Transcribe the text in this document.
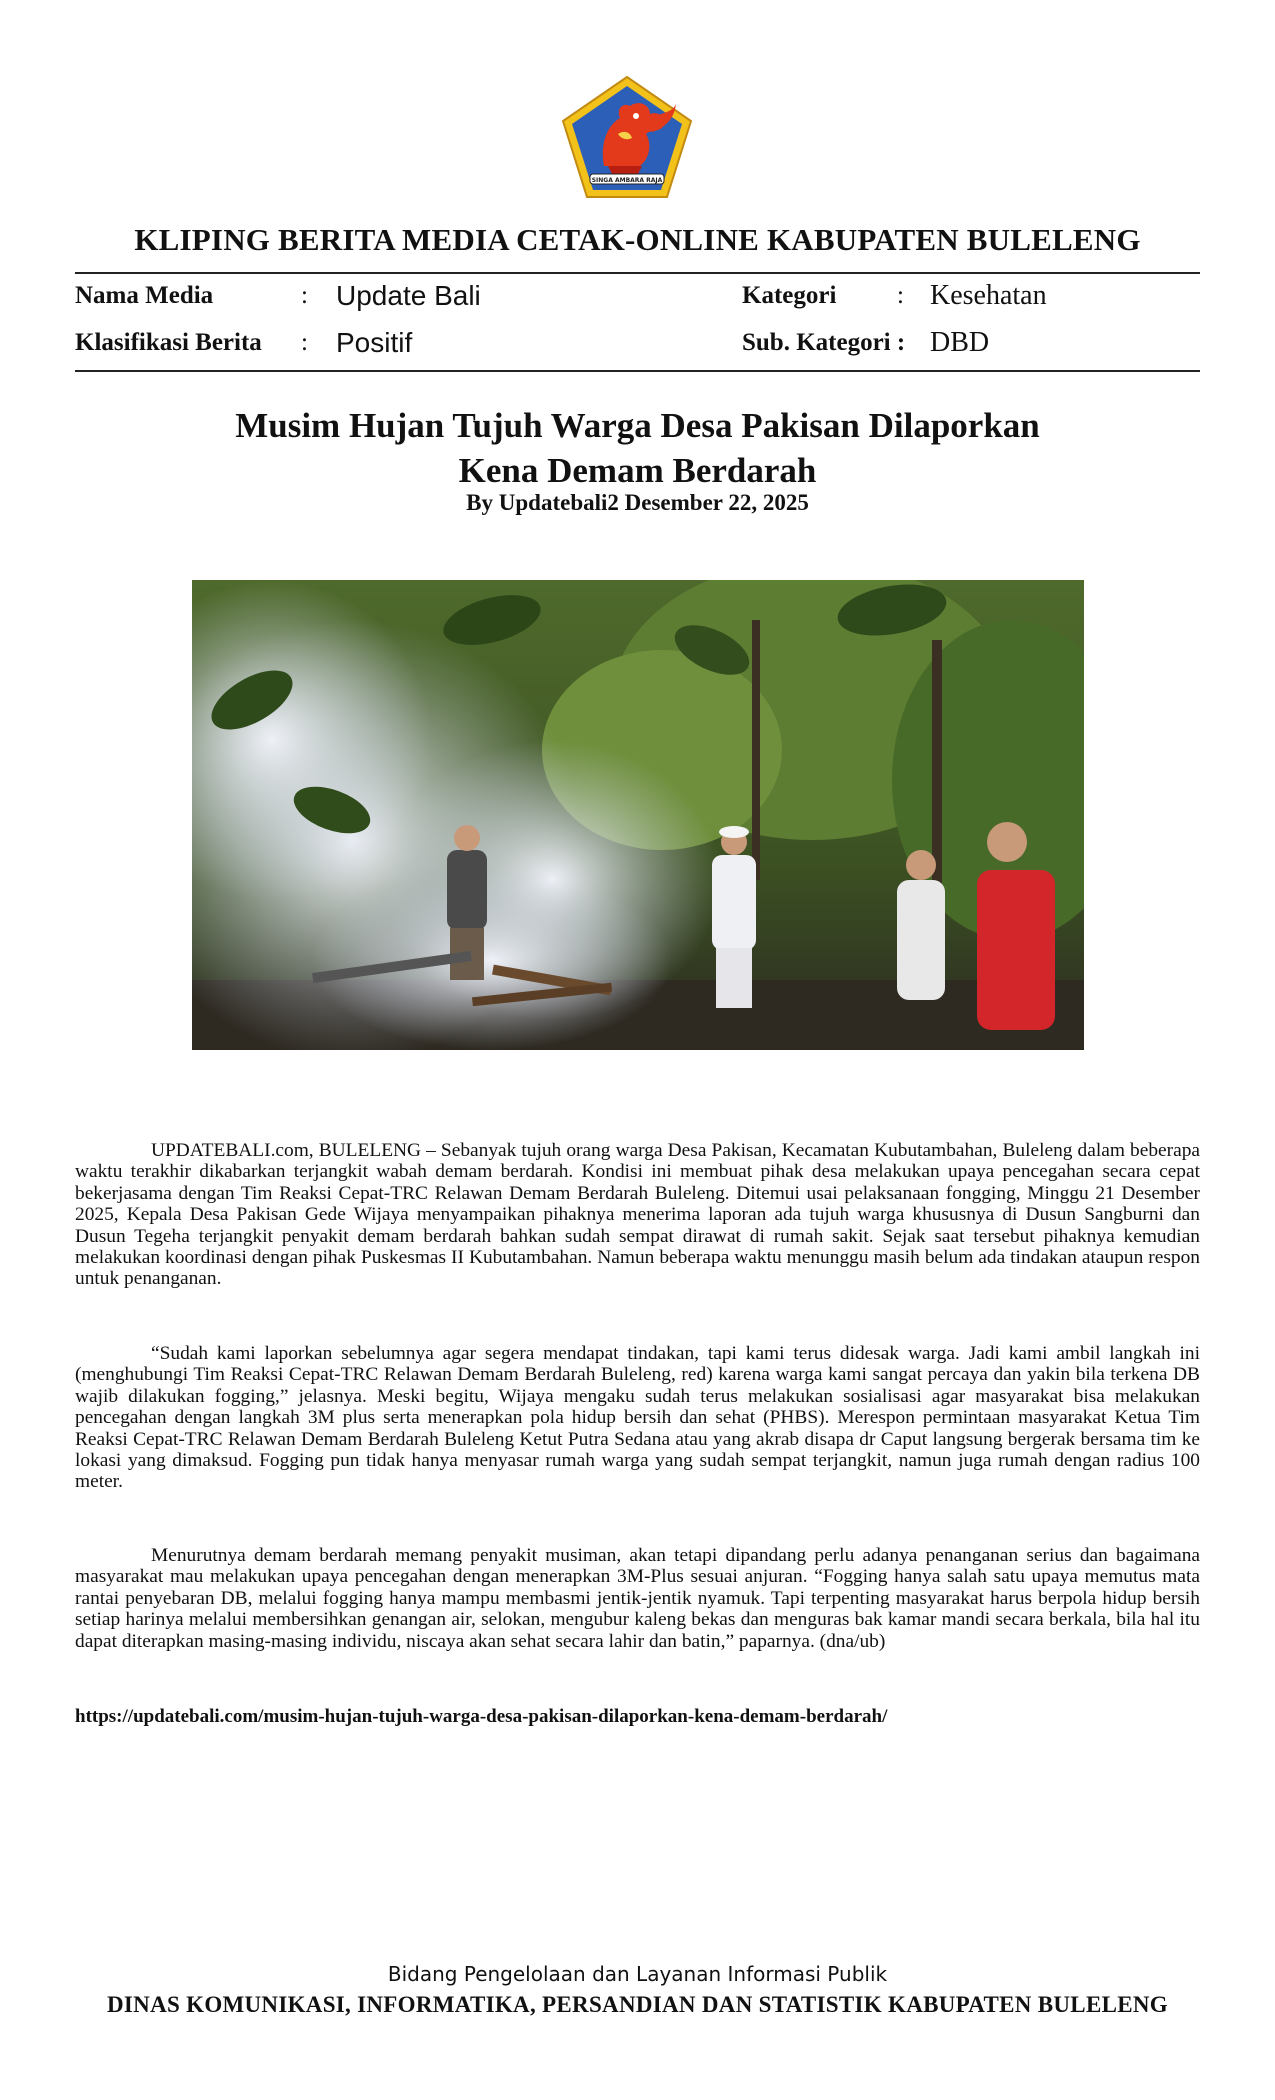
SINGA AMBARA RAJA
KLIPING BERITA MEDIA CETAK-ONLINE KABUPATEN BULELENG
Nama Media	: Update Bali	Kategori : Kesehatan
Klasifikasi Berita : Positif	Sub. Kategori : DBD
Musim Hujan Tujuh Warga Desa Pakisan Dilaporkan
Kena Demam Berdarah
By Updatebali2 Desember 22, 2025

UPDATEBALI.com, BULELENG – Sebanyak tujuh orang warga Desa Pakisan, Kecamatan Kubutambahan, Buleleng dalam beberapa waktu terakhir dikabarkan terjangkit wabah demam berdarah. Kondisi ini membuat pihak desa melakukan upaya pencegahan secara cepat bekerjasama dengan Tim Reaksi Cepat-TRC Relawan Demam Berdarah Buleleng. Ditemui usai pelaksanaan fongging, Minggu 21 Desember 2025, Kepala Desa Pakisan Gede Wijaya menyampaikan pihaknya menerima laporan ada tujuh warga khususnya di Dusun Sangburni dan Dusun Tegeha terjangkit penyakit demam berdarah bahkan sudah sempat dirawat di rumah sakit. Sejak saat tersebut pihaknya kemudian melakukan koordinasi dengan pihak Puskesmas II Kubutambahan. Namun beberapa waktu menunggu masih belum ada tindakan ataupun respon untuk penanganan.

“Sudah kami laporkan sebelumnya agar segera mendapat tindakan, tapi kami terus didesak warga. Jadi kami ambil langkah ini (menghubungi Tim Reaksi Cepat-TRC Relawan Demam Berdarah Buleleng, red) karena warga kami sangat percaya dan yakin bila terkena DB wajib dilakukan fogging,” jelasnya. Meski begitu, Wijaya mengaku sudah terus melakukan sosialisasi agar masyarakat bisa melakukan pencegahan dengan langkah 3M plus serta menerapkan pola hidup bersih dan sehat (PHBS). Merespon permintaan masyarakat Ketua Tim Reaksi Cepat-TRC Relawan Demam Berdarah Buleleng Ketut Putra Sedana atau yang akrab disapa dr Caput langsung bergerak bersama tim ke lokasi yang dimaksud. Fogging pun tidak hanya menyasar rumah warga yang sudah sempat terjangkit, namun juga rumah dengan radius 100 meter.

Menurutnya demam berdarah memang penyakit musiman, akan tetapi dipandang perlu adanya penanganan serius dan bagaimana masyarakat mau melakukan upaya pencegahan dengan menerapkan 3M-Plus sesuai anjuran. “Fogging hanya salah satu upaya memutus mata rantai penyebaran DB, melalui fogging hanya mampu membasmi jentik-jentik nyamuk. Tapi terpenting masyarakat harus berpola hidup bersih setiap harinya melalui membersihkan genangan air, selokan, mengubur kaleng bekas dan menguras bak kamar mandi secara berkala, bila hal itu dapat diterapkan masing-masing individu, niscaya akan sehat secara lahir dan batin,” paparnya. (dna/ub)

https://updatebali.com/musim-hujan-tujuh-warga-desa-pakisan-dilaporkan-kena-demam-berdarah/
Bidang Pengelolaan dan Layanan Informasi Publik
DINAS KOMUNIKASI, INFORMATIKA, PERSANDIAN DAN STATISTIK KABUPATEN BULELENG
